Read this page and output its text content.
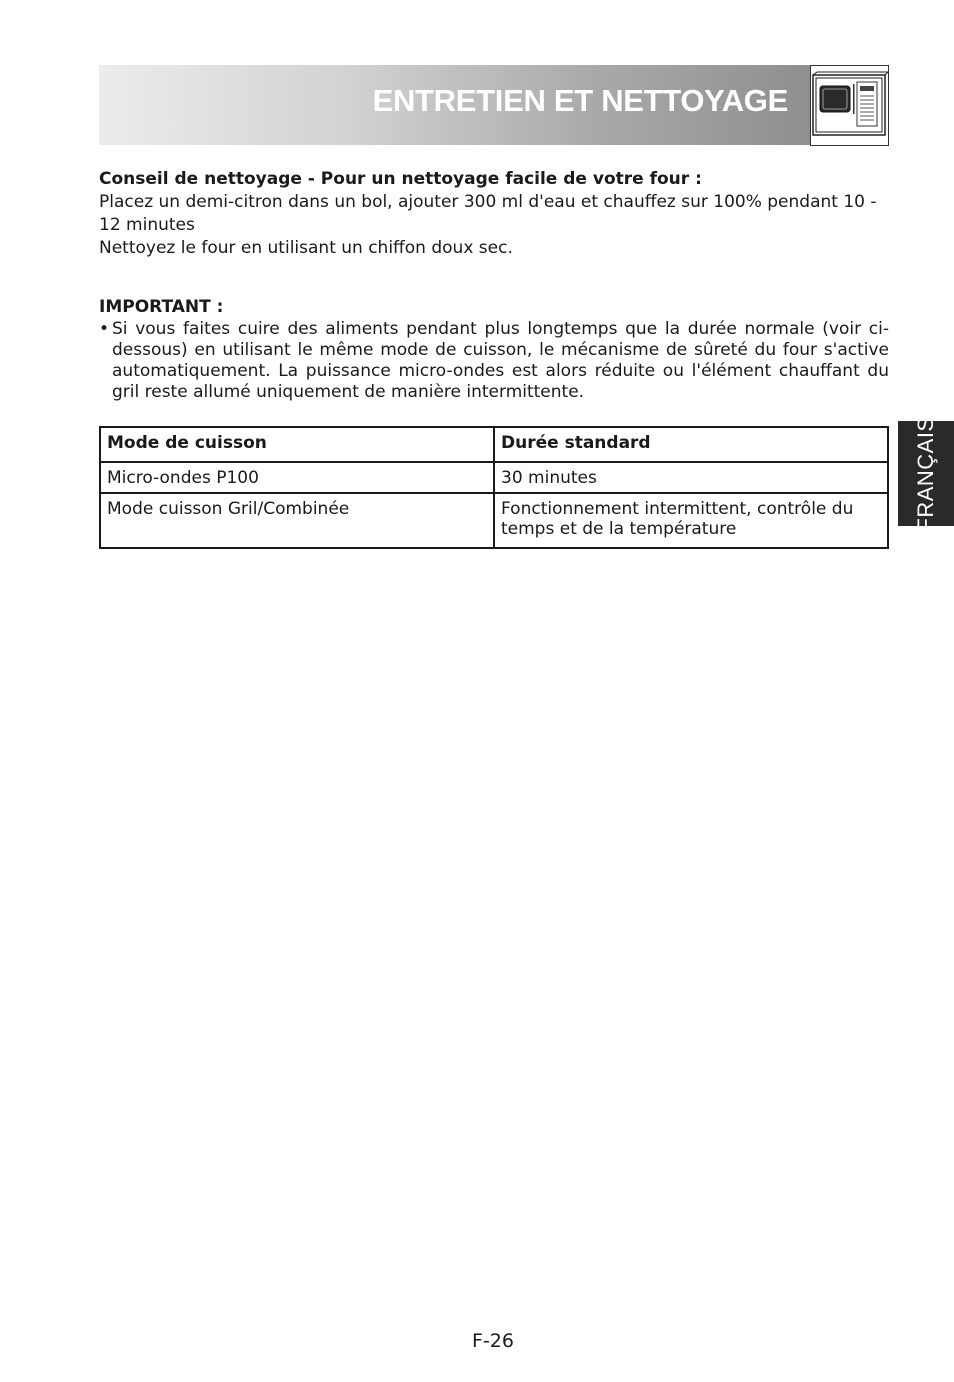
ENTRETIEN ET NETTOYAGE

Conseil de nettoyage - Pour un nettoyage facile de votre four :

Placez un demi-citron dans un bol, ajouter 300 ml d'eau et chauffez sur 100% pendant 10 - 12 minutes

Nettoyez le four en utilisant un chiffon doux sec.

IMPORTANT :

• Si vous faites cuire des aliments pendant plus longtemps que la durée normale (voir ci-dessous) en utilisant le même mode de cuisson, le mécanisme de sûreté du four s'active automatiquement. La puissance micro-ondes est alors réduite ou l'élément chauffant du gril reste allumé uniquement de manière intermittente.

Mode de cuisson	Durée standard
Micro-ondes P100	30 minutes
Mode cuisson Gril/Combinée	Fonctionnement intermittent, contrôle du temps et de la température	FRANÇAIS
F-26
